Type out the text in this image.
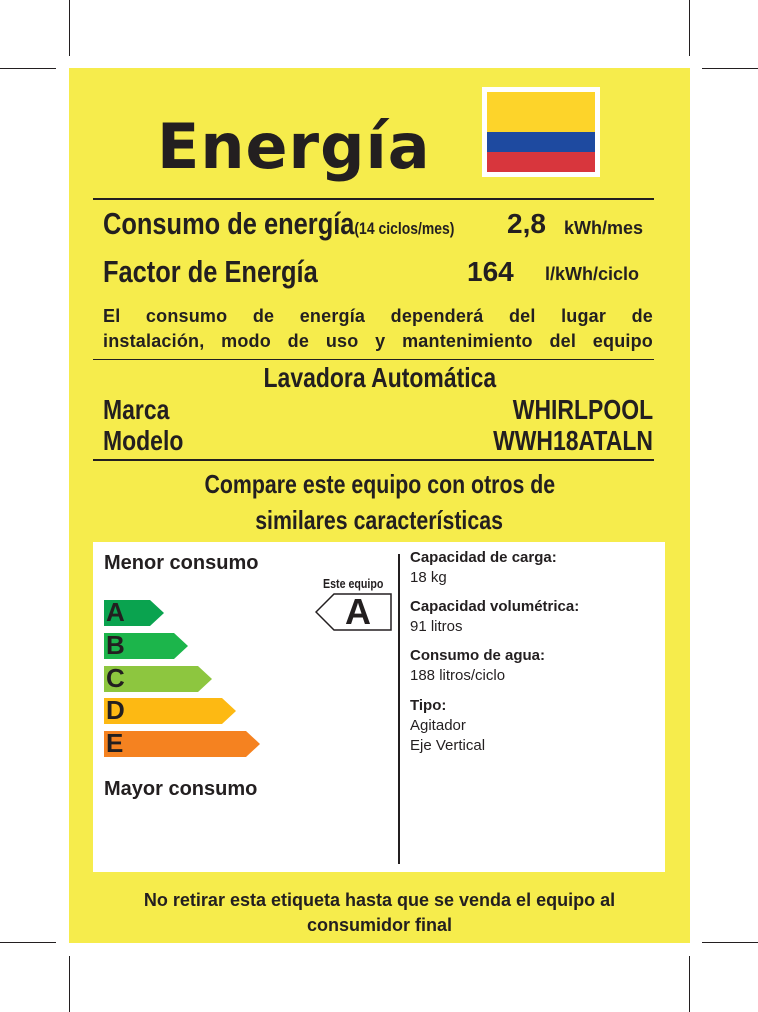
Energía
Consumo de energía(14 ciclos/mes)	2,8 kWh/mes
Factor de Energía	164 l/kWh/ciclo
El consumo de energía dependerá del lugar de
instalación, modo de uso y mantenimiento del equipo
Lavadora Automática
Marca	WHIRLPOOL
Modelo	WWH18ATALN
Compare este equipo con otros de
similares características
Menor consumo
A
B
C
D
E
Mayor consumo
Este equipo
A
Capacidad de carga:
18 kg
Capacidad volumétrica:
91 litros
Consumo de agua:
188 litros/ciclo
Tipo:
Agitador
Eje Vertical
No retirar esta etiqueta hasta que se venda el equipo al
consumidor final
